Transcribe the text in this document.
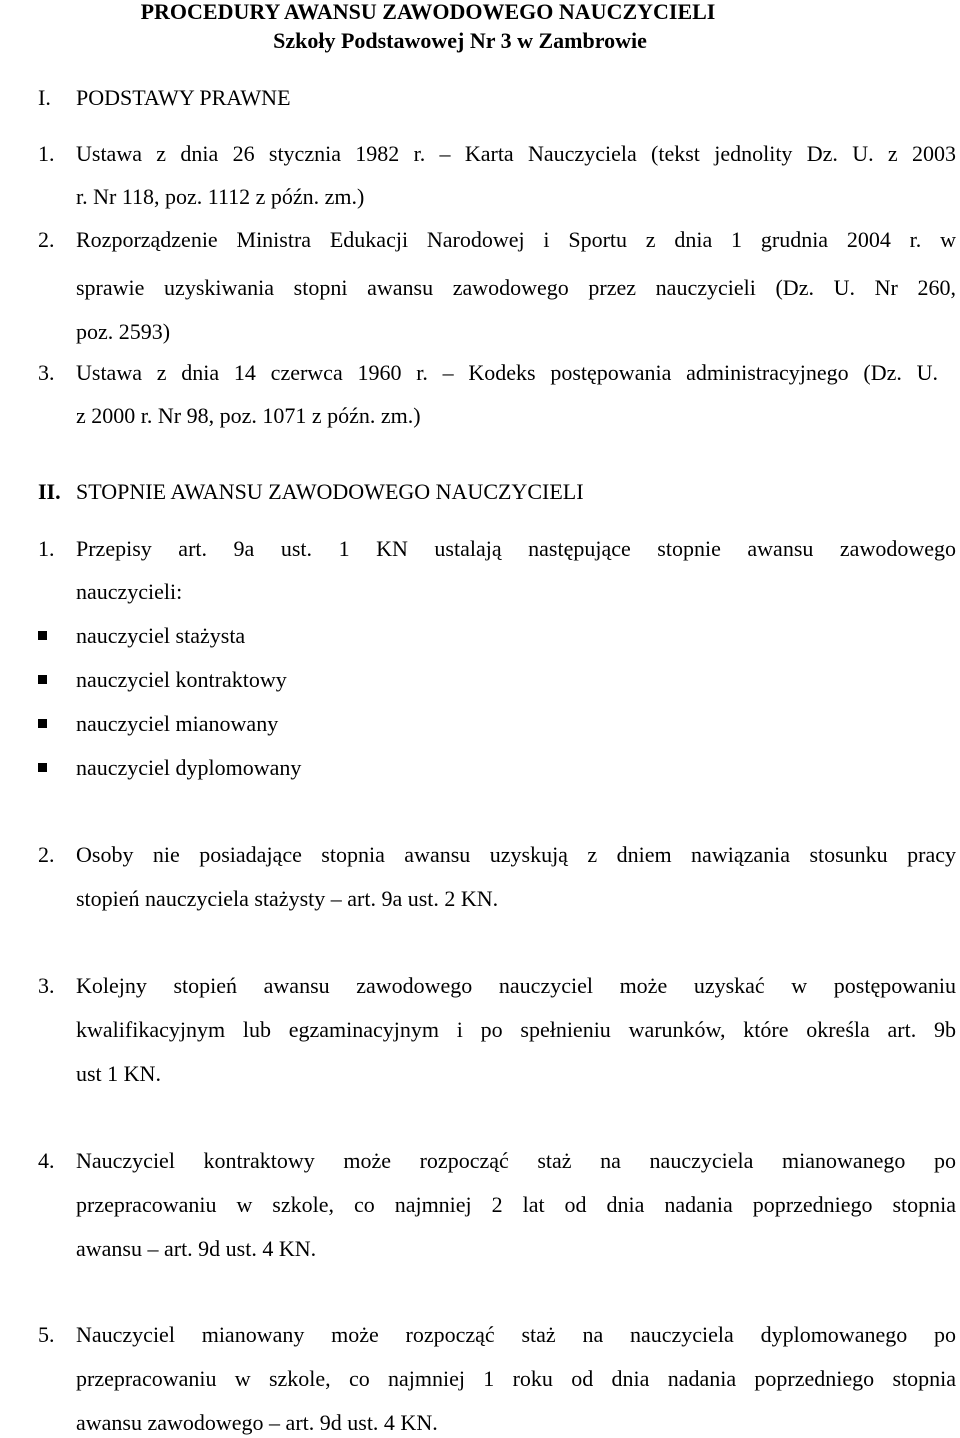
PROCEDURY AWANSU ZAWODOWEGO NAUCZYCIELI
Szkoły Podstawowej Nr 3 w Zambrowie
I. PODSTAWY PRAWNE
1. Ustawa z dnia 26 stycznia 1982 r. – Karta Nauczyciela (tekst jednolity Dz. U. z 2003
r. Nr 118, poz. 1112 z późn. zm.)
2. Rozporządzenie Ministra Edukacji Narodowej i Sportu z dnia 1 grudnia 2004 r. w
sprawie uzyskiwania stopni awansu zawodowego przez nauczycieli (Dz. U. Nr 260,
poz. 2593)
3. Ustawa z dnia 14 czerwca 1960 r. – Kodeks postępowania administracyjnego (Dz. U.
z 2000 r. Nr 98, poz. 1071 z późn. zm.)
II. STOPNIE AWANSU ZAWODOWEGO NAUCZYCIELI
1. Przepisy art. 9a ust. 1 KN ustalają następujące stopnie awansu zawodowego
nauczycieli:
nauczyciel stażysta
nauczyciel kontraktowy
nauczyciel mianowany
nauczyciel dyplomowany
2. Osoby nie posiadające stopnia awansu uzyskują z dniem nawiązania stosunku pracy
stopień nauczyciela stażysty – art. 9a ust. 2 KN.
3. Kolejny stopień awansu zawodowego nauczyciel może uzyskać w postępowaniu
kwalifikacyjnym lub egzaminacyjnym i po spełnieniu warunków, które określa art. 9b
ust 1 KN.
4. Nauczyciel kontraktowy może rozpocząć staż na nauczyciela mianowanego po
przepracowaniu w szkole, co najmniej 2 lat od dnia nadania poprzedniego stopnia
awansu – art. 9d ust. 4 KN.
5. Nauczyciel mianowany może rozpocząć staż na nauczyciela dyplomowanego po
przepracowaniu w szkole, co najmniej 1 roku od dnia nadania poprzedniego stopnia
awansu zawodowego – art. 9d ust. 4 KN.
